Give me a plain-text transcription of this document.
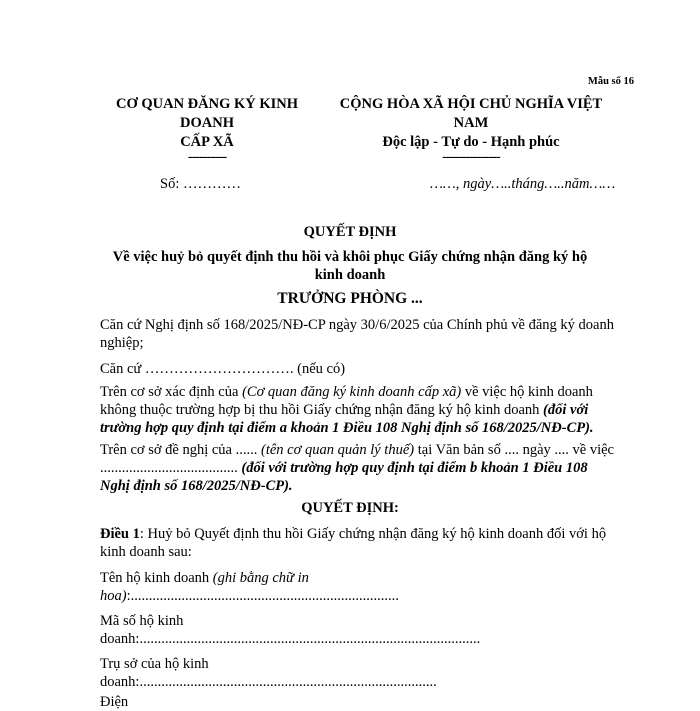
Mẫu số 16
CƠ QUAN ĐĂNG KÝ KINH
DOANH
CẤP XÃ
----------
CỘNG HÒA XÃ HỘI CHỦ NGHĨA VIỆT
NAM
Độc lập - Tự do - Hạnh phúc
---------------
Số: …………	……, ngày…..tháng…..năm……
QUYẾT ĐỊNH
Về việc huỷ bỏ quyết định thu hồi và khôi phục Giấy chứng nhận đăng ký hộ
kinh doanh
TRƯỞNG PHÒNG ...
Căn cứ Nghị định số 168/2025/NĐ-CP ngày 30/6/2025 của Chính phủ về đăng ký doanh nghiệp;
Căn cứ …………………………. (nếu có)
Trên cơ sở xác định của (Cơ quan đăng ký kinh doanh cấp xã) về việc hộ kinh doanh không thuộc trường hợp bị thu hồi Giấy chứng nhận đăng ký hộ kinh doanh (đối với trường hợp quy định tại điểm a khoản 1 Điều 108 Nghị định số 168/2025/NĐ-CP).
Trên cơ sở đề nghị của ...... (tên cơ quan quản lý thuế) tại Văn bản số .... ngày .... về việc ...................................... (đối với trường hợp quy định tại điểm b khoản 1 Điều 108 Nghị định số 168/2025/NĐ-CP).
QUYẾT ĐỊNH:
Điều 1: Huỷ bỏ Quyết định thu hồi Giấy chứng nhận đăng ký hộ kinh doanh đối với hộ kinh doanh sau:
Tên hộ kinh doanh (ghi bằng chữ in
hoa):..........................................................................
Mã số hộ kinh
doanh:..............................................................................................
Trụ sở của hộ kinh
doanh:..................................................................................
Điện
